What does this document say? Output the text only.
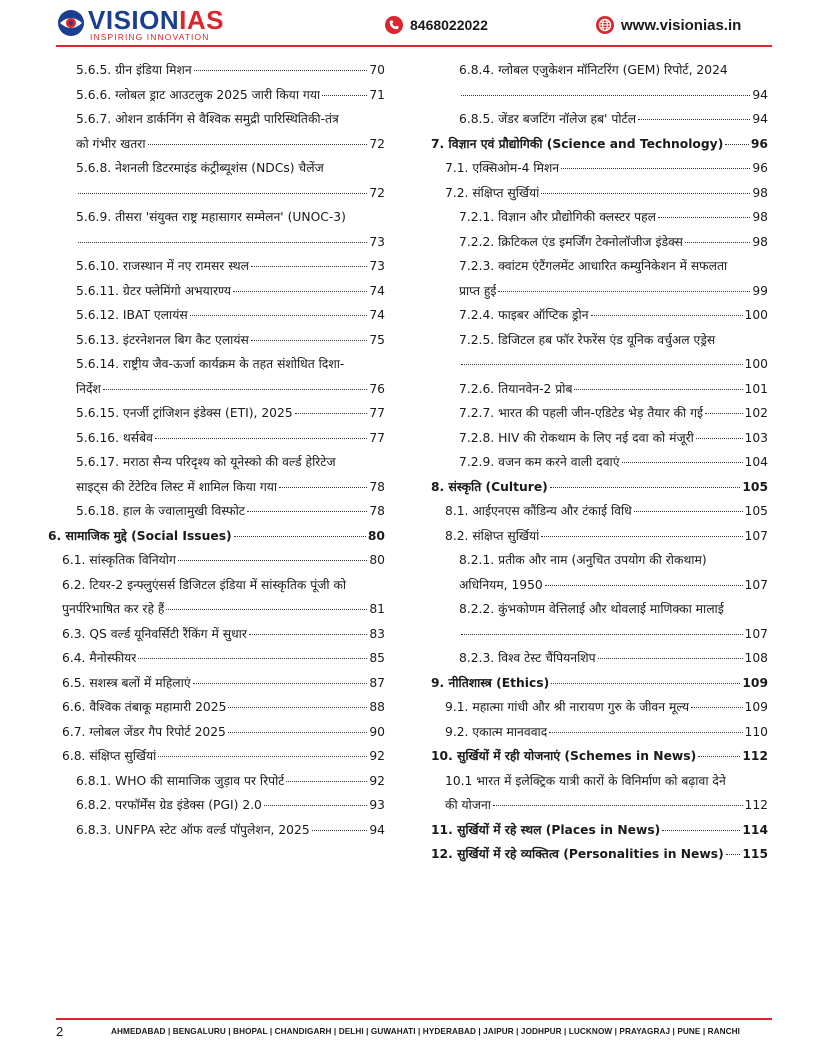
VISIONIAS
INSPIRING INNOVATION
8468022022	www.visionias.in
5.6.5. ग्रीन इंडिया मिशन	70
5.6.6. ग्लोबल ड्राट आउटलुक 2025 जारी किया गया	71
5.6.7. ओशन डार्कनिंग से वैश्विक समुद्री पारिस्थितिकी-तंत्र
को गंभीर खतरा	72
5.6.8. नेशनली डिटरमाइंड कंट्रीब्यूशंस (NDCs) चैलेंज
72
5.6.9. तीसरा 'संयुक्त राष्ट्र महासागर सम्मेलन' (UNOC-3)
73
5.6.10. राजस्थान में नए रामसर स्थल	73
5.6.11. ग्रेटर फ्लेमिंगो अभयारण्य	74
5.6.12. IBAT एलायंस	74
5.6.13. इंटरनेशनल बिग कैट एलायंस	75
5.6.14. राष्ट्रीय जैव-ऊर्जा कार्यक्रम के तहत संशोधित दिशा-
निर्देश	76
5.6.15. एनर्जी ट्रांजिशन इंडेक्स (ETI), 2025	77
5.6.16. थर्सबेव	77
5.6.17. मराठा सैन्य परिदृश्य को यूनेस्को की वर्ल्ड हेरिटेज
साइट्स की टेंटेटिव लिस्ट में शामिल किया गया	78
5.6.18. हाल के ज्वालामुखी विस्फोट	78
6. सामाजिक मुद्दे (Social Issues)	80
6.1. सांस्कृतिक विनियोग	80
6.2. टियर-2 इन्फ्लुएंसर्स डिजिटल इंडिया में सांस्कृतिक पूंजी को
पुनर्परिभाषित कर रहे हैं	81
6.3. QS वर्ल्ड यूनिवर्सिटी रैंकिंग में सुधार	83
6.4. मैनोस्फीयर	85
6.5. सशस्त्र बलों में महिलाएं	87
6.6. वैश्विक तंबाकू महामारी 2025	88
6.7. ग्लोबल जेंडर गैप रिपोर्ट 2025	90
6.8. संक्षिप्त सुर्खियां	92
6.8.1. WHO की सामाजिक जुड़ाव पर रिपोर्ट	92
6.8.2. परफॉर्मेंस ग्रेड इंडेक्स (PGI) 2.0	93
6.8.3. UNFPA स्टेट ऑफ वर्ल्ड पॉपुलेशन, 2025	94
6.8.4. ग्लोबल एजुकेशन मॉनिटरिंग (GEM) रिपोर्ट, 2024
94
6.8.5. जेंडर बजटिंग नॉलेज हब' पोर्टल	94
7. विज्ञान एवं प्रौद्योगिकी (Science and Technology) 96
7.1. एक्सिओम-4 मिशन	96
7.2. संक्षिप्त सुर्खियां	98
7.2.1. विज्ञान और प्रौद्योगिकी क्लस्टर पहल	98
7.2.2. क्रिटिकल एंड इमर्जिंग टेक्नोलॉजीज इंडेक्स	98
7.2.3. क्वांटम एंटैंगलमेंट आधारित कम्युनिकेशन में सफलता
प्राप्त हुई	99
7.2.4. फाइबर ऑप्टिक ड्रोन	100
7.2.5. डिजिटल हब फॉर रेफरेंस एंड यूनिक वर्चुअल एड्रेस
100
7.2.6. तियानवेन-2 प्रोब	101
7.2.7. भारत की पहली जीन-एडिटेड भेड़ तैयार की गई	102
7.2.8. HIV की रोकथाम के लिए नई दवा को मंजूरी	103
7.2.9. वजन कम करने वाली दवाएं	104
8. संस्कृति (Culture)	105
8.1. आईएनएस कौंडिन्य और टंकाई विधि	105
8.2. संक्षिप्त सुर्खियां	107
8.2.1. प्रतीक और नाम (अनुचित उपयोग की रोकथाम)
अधिनियम, 1950	107
8.2.2. कुंभकोणम वेत्तिलाई और थोवलाई माणिक्का मालाई
107
8.2.3. विश्व टेस्ट चैंपियनशिप	108
9. नीतिशास्त्र (Ethics)	109
9.1. महात्मा गांधी और श्री नारायण गुरु के जीवन मूल्य	109
9.2. एकात्म मानववाद	110
10. सुर्खियों में रही योजनाएं (Schemes in News)	112
10.1 भारत में इलेक्ट्रिक यात्री कारों के विनिर्माण को बढ़ावा देने
की योजना	112
11. सुर्खियों में रहे स्थल (Places in News)	114
12. सुर्खियों में रहे व्यक्तित्व (Personalities in News) 115
2	AHMEDABAD | BENGALURU | BHOPAL | CHANDIGARH | DELHI | GUWAHATI | HYDERABAD | JAIPUR | JODHPUR | LUCKNOW | PRAYAGRAJ | PUNE | RANCHI
